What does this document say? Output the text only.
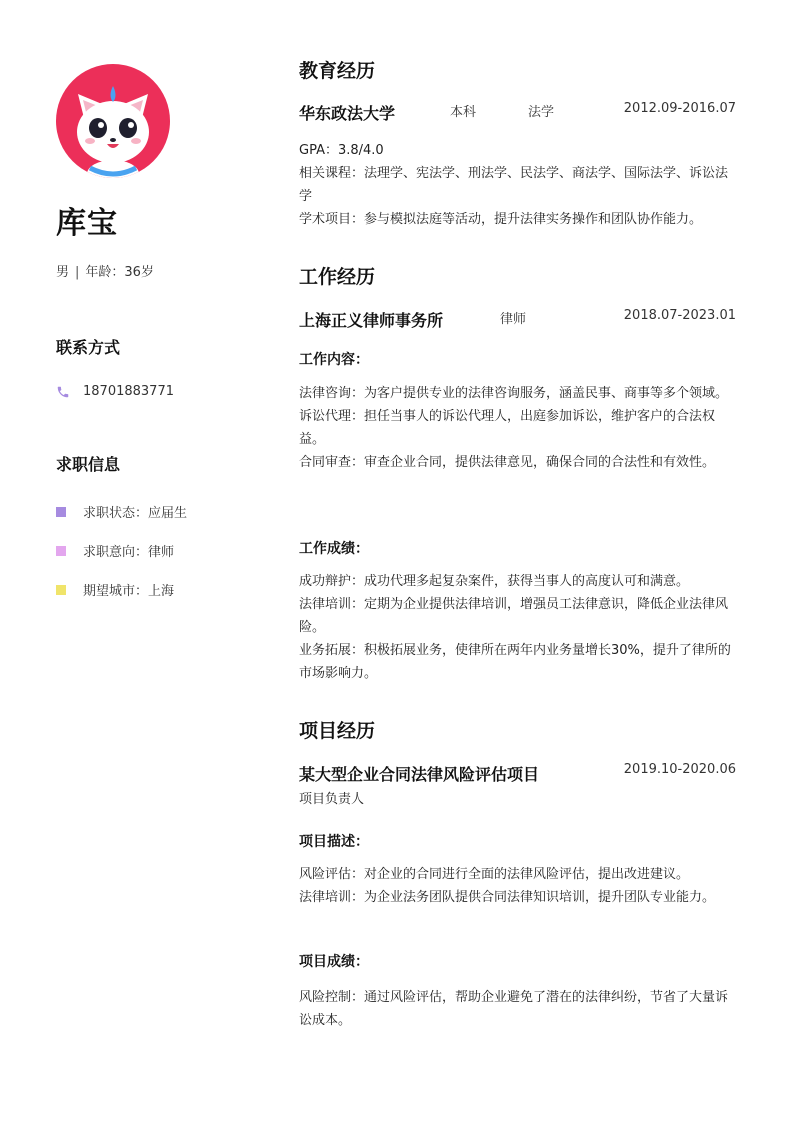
库宝
男 | 年龄：36岁
联系方式
18701883771
求职信息
求职状态：应届生
求职意向：律师
期望城市：上海
教育经历
华东政法大学	本科	法学	2012.09-2016.07
GPA：3.8/4.0
相关课程：法理学、宪法学、刑法学、民法学、商法学、国际法学、诉讼法学
学术项目：参与模拟法庭等活动，提升法律实务操作和团队协作能力。
工作经历
上海正义律师事务所	律师	2018.07-2023.01
工作内容：
法律咨询：为客户提供专业的法律咨询服务，涵盖民事、商事等多个领域。
诉讼代理：担任当事人的诉讼代理人，出庭参加诉讼，维护客户的合法权益。
合同审查：审查企业合同，提供法律意见，确保合同的合法性和有效性。
工作成绩：
成功辩护：成功代理多起复杂案件，获得当事人的高度认可和满意。
法律培训：定期为企业提供法律培训，增强员工法律意识，降低企业法律风险。
业务拓展：积极拓展业务，使律所在两年内业务量增长30%，提升了律所的市场影响力。
项目经历
某大型企业合同法律风险评估项目	2019.10-2020.06
项目负责人
项目描述：
风险评估：对企业的合同进行全面的法律风险评估，提出改进建议。
法律培训：为企业法务团队提供合同法律知识培训，提升团队专业能力。
项目成绩：
风险控制：通过风险评估，帮助企业避免了潜在的法律纠纷，节省了大量诉讼成本。
